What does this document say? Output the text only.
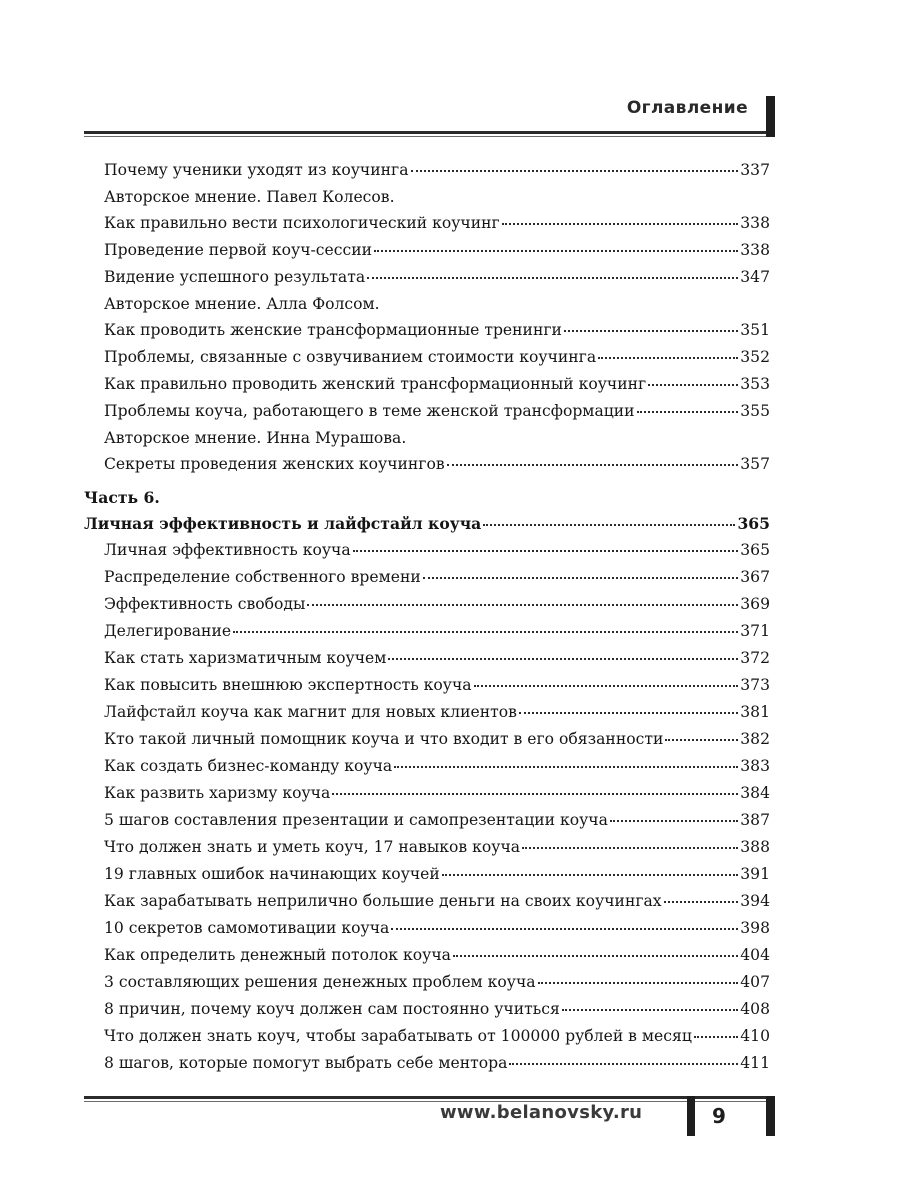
Оглавление
Почему ученики уходят из коучинга	337
Авторское мнение. Павел Колесов.
Как правильно вести психологический коучинг	338
Проведение первой коуч-сессии	338
Видение успешного результата	347
Авторское мнение. Алла Фолсом.
Как проводить женские трансформационные тренинги	351
Проблемы, связанные с озвучиванием стоимости коучинга	352
Как правильно проводить женский трансформационный коучинг	353
Проблемы коуча, работающего в теме женской трансформации	355
Авторское мнение. Инна Мурашова.
Секреты проведения женских коучингов	357
Часть 6.
Личная эффективность и лайфстайл коуча	365
Личная эффективность коуча	365
Распределение собственного времени	367
Эффективность свободы	369
Делегирование	371
Как стать харизматичным коучем	372
Как повысить внешнюю экспертность коуча	373
Лайфстайл коуча как магнит для новых клиентов	381
Кто такой личный помощник коуча и что входит в его обязанности	382
Как создать бизнес-команду коуча	383
Как развить харизму коуча	384
5 шагов составления презентации и самопрезентации коуча	387
Что должен знать и уметь коуч, 17 навыков коуча	388
19 главных ошибок начинающих коучей	391
Как зарабатывать неприлично большие деньги на своих коучингах	394
10 секретов самомотивации коуча	398
Как определить денежный потолок коуча	404
3 составляющих решения денежных проблем коуча	407
8 причин, почему коуч должен сам постоянно учиться	408
Что должен знать коуч, чтобы зарабатывать от 100000 рублей в месяц	410
8 шагов, которые помогут выбрать себе ментора	411
www.belanovsky.ru	9
